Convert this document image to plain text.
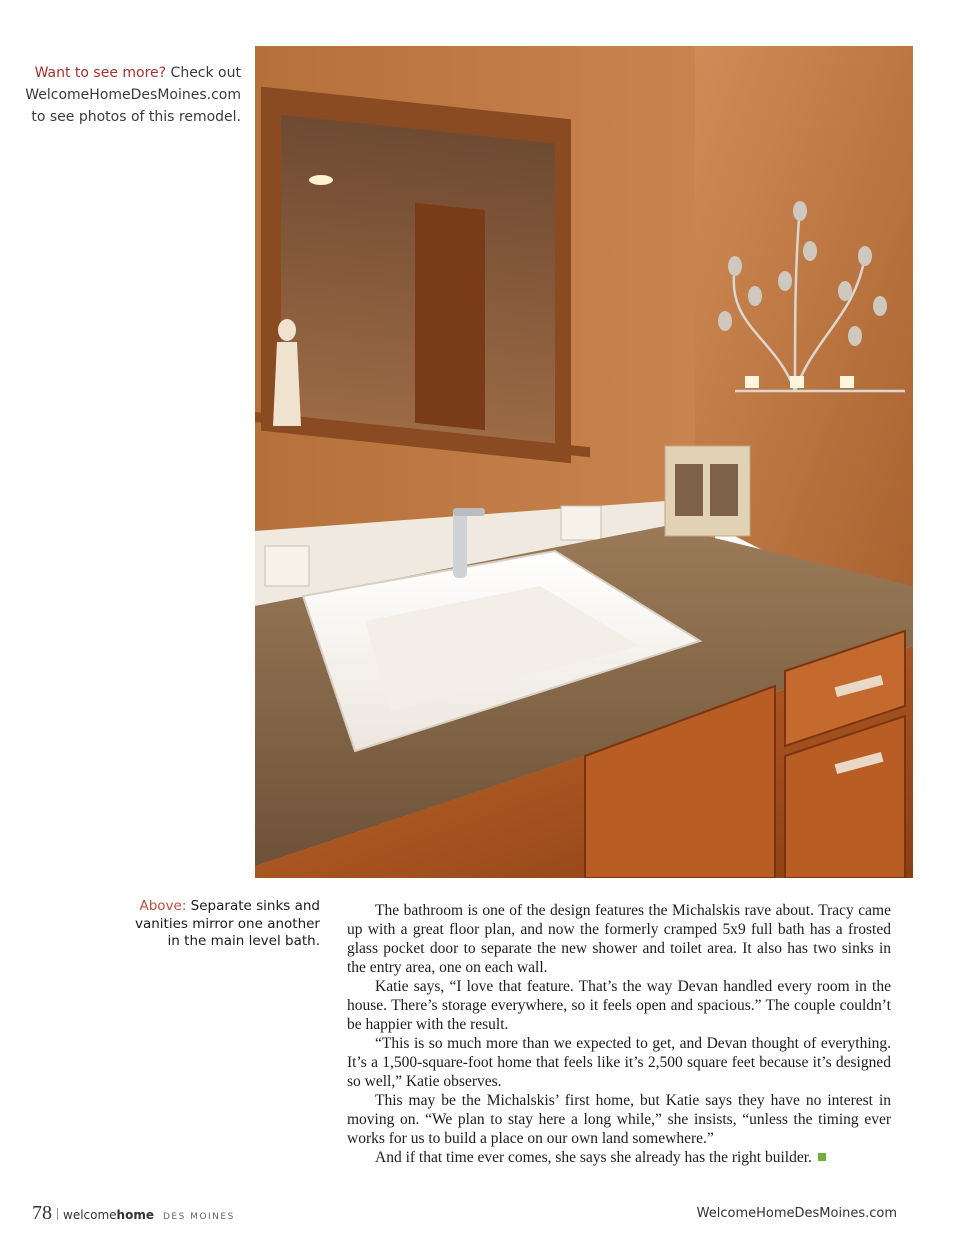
Want to see more? Check out
WelcomeHomeDesMoines.com
to see photos of this remodel.
Above: Separate sinks and vanities mirror one another in the main level bath.

The bathroom is one of the design features the Michalskis rave about. Tracy came up with a great floor plan, and now the formerly cramped 5x9 full bath has a frosted glass pocket door to separate the new shower and toilet area. It also has two sinks in the entry area, one on each wall.

Katie says, “I love that feature. That’s the way Devan handled every room in the house. There’s storage everywhere, so it feels open and spacious.” The couple couldn’t be happier with the result.

“This is so much more than we expected to get, and Devan thought of everything. It’s a 1,500-square-foot home that feels like it’s 2,500 square feet because it’s designed so well,” Katie observes.

This may be the Michalskis’ first home, but Katie says they have no interest in moving on. “We plan to stay here a long while,” she insists, “unless the timing ever works for us to build a place on our own land somewhere.”

And if that time ever comes, she says she already has the right builder.

78 welcomehome DES MOINES	WelcomeHomeDesMoines.com
